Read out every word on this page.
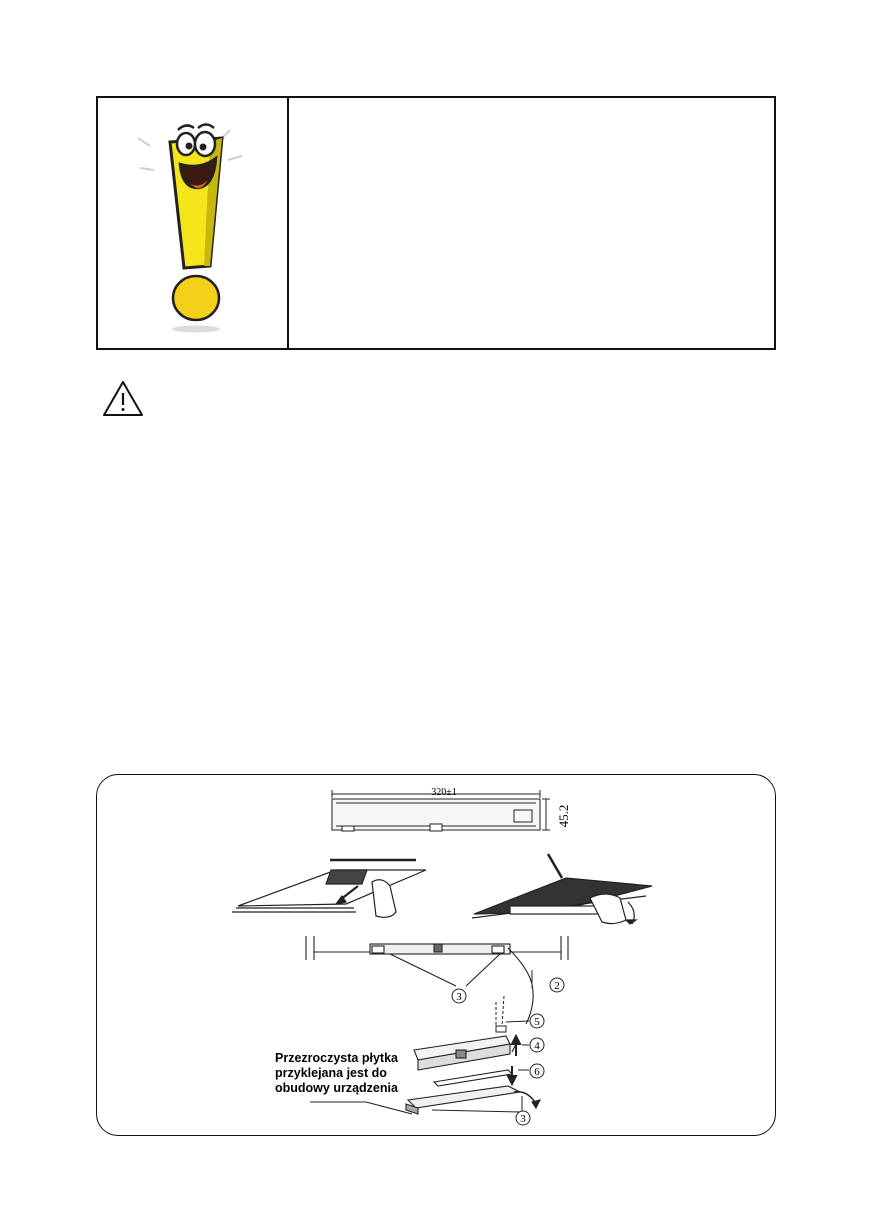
320±1
45.2
2
3
3
4
5
6
Przezroczysta płytka
przyklejana jest do
obudowy urządzenia
